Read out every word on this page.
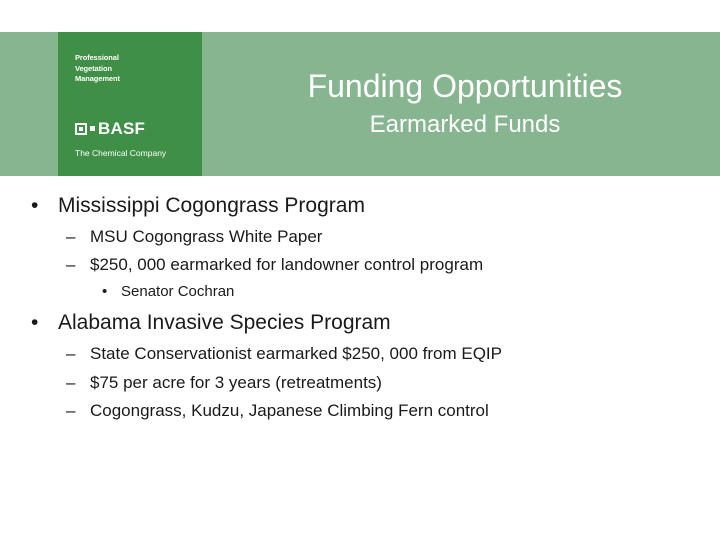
Professional
Vegetation
Management
BASF
The Chemical Company
Funding Opportunities
Earmarked Funds
• Mississippi Cogongrass Program
– MSU Cogongrass White Paper
– $250, 000 earmarked for landowner control program
• Senator Cochran
• Alabama Invasive Species Program
– State Conservationist earmarked $250, 000 from EQIP
– $75 per acre for 3 years (retreatments)
– Cogongrass, Kudzu, Japanese Climbing Fern control
